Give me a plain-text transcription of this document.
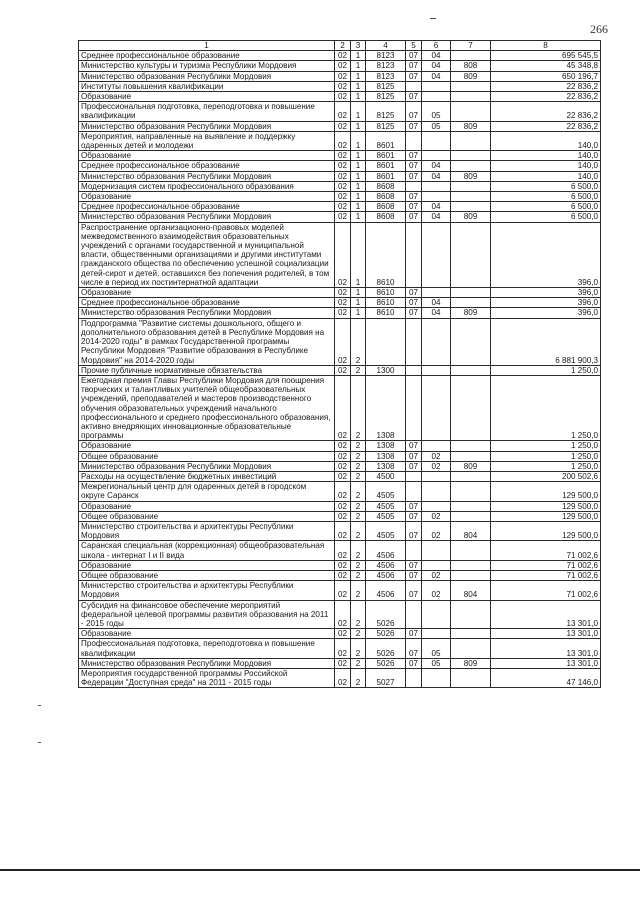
266
1	2	3	4	5	6	7	8
Среднее профессиональное образование	02	1	8123	07	04		695 545,5
Министерство культуры и туризма Республики Мордовия	02	1	8123	07	04	808	45 348,8
Министерство образования Республики Мордовия	02	1	8123	07	04	809	650 196,7
Институты повышения квалификации	02	1	8125				22 836,2
Образование	02	1	8125	07			22 836,2
Профессиональная подготовка, переподготовка и повышение квалификации	02	1	8125	07	05		22 836,2
Министерство образования Республики Мордовия	02	1	8125	07	05	809	22 836,2
Мероприятия, направленные на выявление и поддержку одаренных детей и молодежи	02	1	8601				140,0
Образование	02	1	8601	07			140,0
Среднее профессиональное образование	02	1	8601	07	04		140,0
Министерство образования Республики Мордовия	02	1	8601	07	04	809	140,0
Модернизация систем профессионального образования	02	1	8608				6 500,0
Образование	02	1	8608	07			6 500,0
Среднее профессиональное образование	02	1	8608	07	04		6 500,0
Министерство образования Республики Мордовия	02	1	8608	07	04	809	6 500,0
Распространение организационно-правовых моделей межведомственного взаимодействия образовательных учреждений с органами государственной и муниципальной власти, общественными организациями и другими институтами гражданского общества по обеспечению успешной социализации детей-сирот и детей, оставшихся без попечения родителей, в том числе в период их постинтернатной адаптации	02	1	8610				396,0
Образование	02	1	8610	07			396,0
Среднее профессиональное образование	02	1	8610	07	04		396,0
Министерство образования Республики Мордовия	02	1	8610	07	04	809	396,0
Подпрограмма "Развитие системы дошкольного, общего и дополнительного образования детей в Республике Мордовия на 2014-2020 годы" в рамках Государственной программы Республики Мордовия "Развитие образования в Республике Мордовия" на 2014-2020 годы	02	2					6 881 900,3
Прочие публичные нормативные обязательства	02	2	1300				1 250,0
Ежегодная премия Главы Республики Мордовия для поощрения творческих и талантливых учителей общеобразовательных учреждений, преподавателей и мастеров производственного обучения образовательных учреждений начального профессионального и среднего профессионального образования, активно внедряющих инновационные образовательные программы	02	2	1308				1 250,0
Образование	02	2	1308	07			1 250,0
Общее образование	02	2	1308	07	02		1 250,0
Министерство образования Республики Мордовия	02	2	1308	07	02	809	1 250,0
Расходы на осуществление бюджетных инвестиций	02	2	4500				200 502,6
Межрегиональный центр для одаренных детей в городском округе Саранск	02	2	4505				129 500,0
Образование	02	2	4505	07			129 500,0
Общее образование	02	2	4505	07	02		129 500,0
Министерство строительства и архитектуры Республики Мордовия	02	2	4505	07	02	804	129 500,0
Саранская специальная (коррекционная) общеобразовательная школа - интернат I и II вида	02	2	4506				71 002,6
Образование	02	2	4506	07			71 002,6
Общее образование	02	2	4506	07	02		71 002,6
Министерство строительства и архитектуры Республики Мордовия	02	2	4506	07	02	804	71 002,6
Субсидия на финансовое обеспечение мероприятий федеральной целевой программы развития образования на 2011 - 2015 годы	02	2	5026				13 301,0
Образование	02	2	5026	07			13 301,0
Профессиональная подготовка, переподготовка и повышение квалификации	02	2	5026	07	05		13 301,0
Министерство образования Республики Мордовия	02	2	5026	07	05	809	13 301,0
Мероприятия государственной программы Российской Федерации "Доступная среда" на 2011 - 2015 годы	02	2	5027				47 146,0
